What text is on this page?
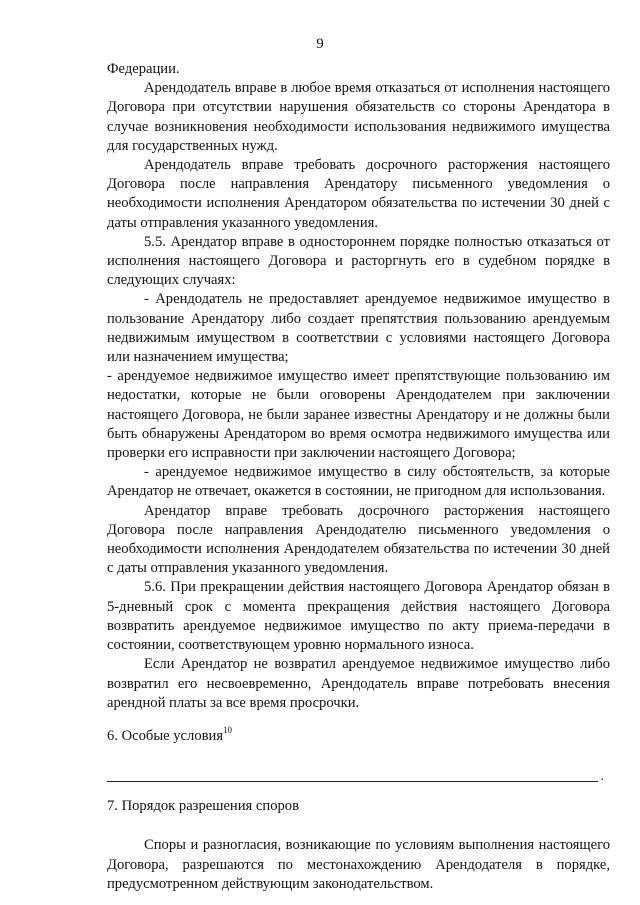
9

Федерации.

Арендодатель вправе в любое время отказаться от исполнения настоящего Договора при отсутствии нарушения обязательств со стороны Арендатора в случае возникновения необходимости использования недвижимого имущества для государственных нужд.

Арендодатель вправе требовать досрочного расторжения настоящего Договора после направления Арендатору письменного уведомления о необходимости исполнения Арендатором обязательства по истечении 30 дней с даты отправления указанного уведомления.

5.5. Арендатор вправе в одностороннем порядке полностью отказаться от исполнения настоящего Договора и расторгнуть его в судебном порядке в следующих случаях:

- Арендодатель не предоставляет арендуемое недвижимое имущество в пользование Арендатору либо создает препятствия пользованию арендуемым недвижимым имуществом в соответствии с условиями настоящего Договора или назначением имущества;

- арендуемое недвижимое имущество имеет препятствующие пользованию им недостатки, которые не были оговорены Арендодателем при заключении настоящего Договора, не были заранее известны Арендатору и не должны были быть обнаружены Арендатором во время осмотра недвижимого имущества или проверки его исправности при заключении настоящего Договора;

- арендуемое недвижимое имущество в силу обстоятельств, за которые Арендатор не отвечает, окажется в состоянии, не пригодном для использования.

Арендатор вправе требовать досрочного расторжения настоящего Договора после направления Арендодателю письменного уведомления о необходимости исполнения Арендодателем обязательства по истечении 30 дней с даты отправления указанного уведомления.

5.6. При прекращении действия настоящего Договора Арендатор обязан в 5-дневный срок с момента прекращения действия настоящего Договора возвратить арендуемое недвижимое имущество по акту приема-передачи в состоянии, соответствующем уровню нормального износа.

Если Арендатор не возвратил арендуемое недвижимое имущество либо возвратил его несвоевременно, Арендодатель вправе потребовать внесения арендной платы за все время просрочки.

6. Особые условия$^{10}$

.

7. Порядок разрешения споров

Споры и разногласия, возникающие по условиям выполнения настоящего Договора, разрешаются по местонахождению Арендодателя в порядке, предусмотренном действующим законодательством.
